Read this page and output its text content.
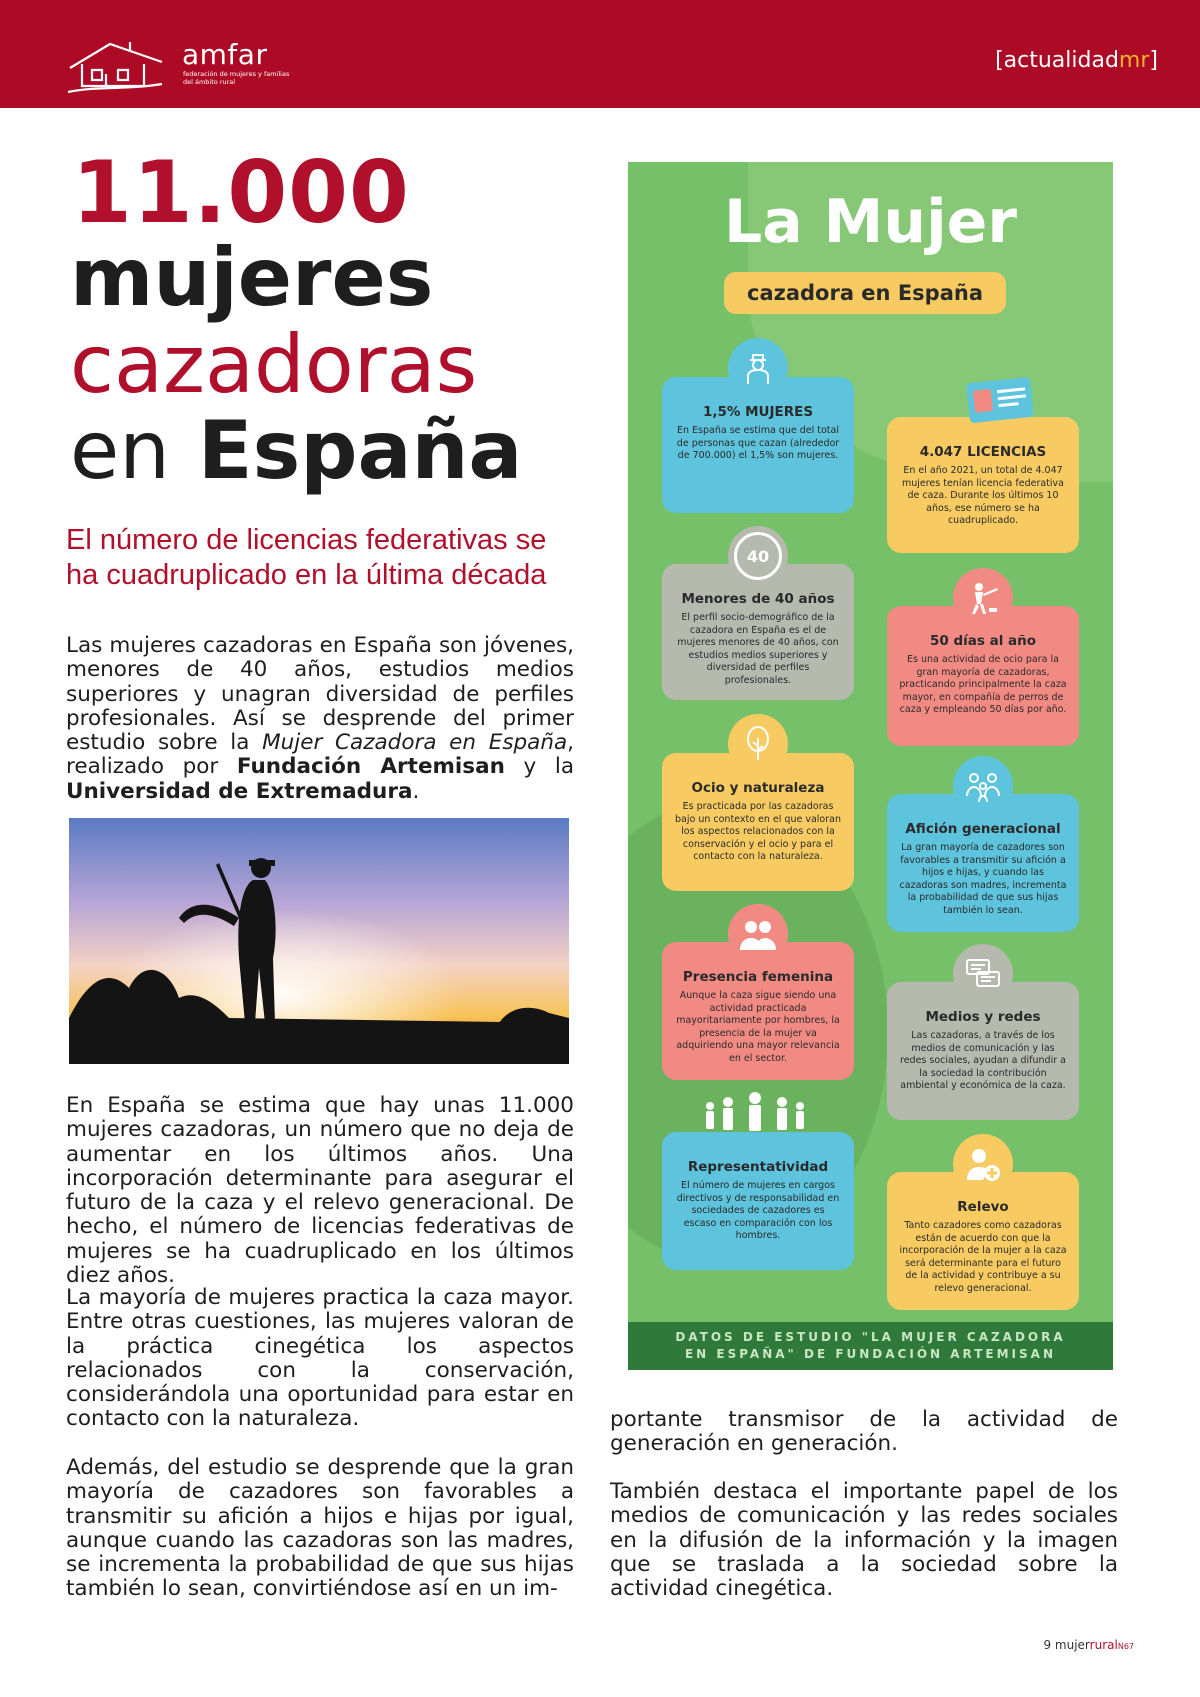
amfar
federación de mujeres y familias del ámbito rural
[actualidadmr]
11.000
mujeres
cazadoras
en España
El número de licencias federativas se ha cuadruplicado en la última década
Las mujeres cazadoras en España son jóvenes, menores de 40 años, estudios medios superiores y unagran diversidad de perfiles profesionales. Así se desprende del primer estudio sobre la Mujer Cazadora en España, realizado por Fundación Artemisan y la Universidad de Extremadura.
En España se estima que hay unas 11.000 mujeres cazadoras, un número que no deja de aumentar en los últimos años. Una incorporación determinante para asegurar el futuro de la caza y el relevo generacional. De hecho, el número de licencias federativas de mujeres se ha cuadruplicado en los últimos diez años.
La mayoría de mujeres practica la caza mayor. Entre otras cuestiones, las mujeres valoran de la práctica cinegética los aspectos relacionados con la conservación, considerándola una oportunidad para estar en contacto con la naturaleza.
Además, del estudio se desprende que la gran mayoría de cazadores son favorables a transmitir su afición a hijos e hijas por igual, aunque cuando las cazadoras son las madres, se incrementa la probabilidad de que sus hijas también lo sean, convirtiéndose así en un im-
portante transmisor de la actividad de generación en generación.
También destaca el importante papel de los medios de comunicación y las redes sociales en la difusión de la información y la imagen que se traslada a la sociedad sobre la actividad cinegética.
La Mujer
cazadora en España
1,5% MUJERES
En España se estima que del total de personas que cazan (alrededor de 700.000) el 1,5% son mujeres.	4.047 LICENCIAS
En el año 2021, un total de 4.047 mujeres tenían licencia federativa de caza. Durante los últimos 10 años, ese número se ha cuadruplicado.
Menores de 40 años
El perfil socio-demográfico de la cazadora en España es el de mujeres menores de 40 años, con estudios medios superiores y diversidad de perfiles profesionales.
40
50 días al año
Es una actividad de ocio para la gran mayoría de cazadoras, practicando principalmente la caza mayor, en compañía de perros de caza y empleando 50 días por año.
Ocio y naturaleza
Es practicada por las cazadoras bajo un contexto en el que valoran los aspectos relacionados con la conservación y el ocio y para el contacto con la naturaleza.
Afición generacional
La gran mayoría de cazadores son favorables a transmitir su afición a hijos e hijas, y cuando las cazadoras son madres, incrementa la probabilidad de que sus hijas también lo sean.
Presencia femenina
Aunque la caza sigue siendo una actividad practicada mayoritariamente por hombres, la presencia de la mujer va adquiriendo una mayor relevancia en el sector.
Medios y redes
Las cazadoras, a través de los medios de comunicación y las redes sociales, ayudan a difundir a la sociedad la contribución ambiental y económica de la caza.
Representatividad
El número de mujeres en cargos directivos y de responsabilidad en sociedades de cazadores es escaso en comparación con los hombres.
Relevo
Tanto cazadores como cazadoras están de acuerdo con que la incorporación de la mujer a la caza será determinante para el futuro de la actividad y contribuye a su relevo generacional.
DATOS DE ESTUDIO "LA MUJER CAZADORA
EN ESPAÑA" DE FUNDACIÓN ARTEMISAN
9 mujerruralN67
